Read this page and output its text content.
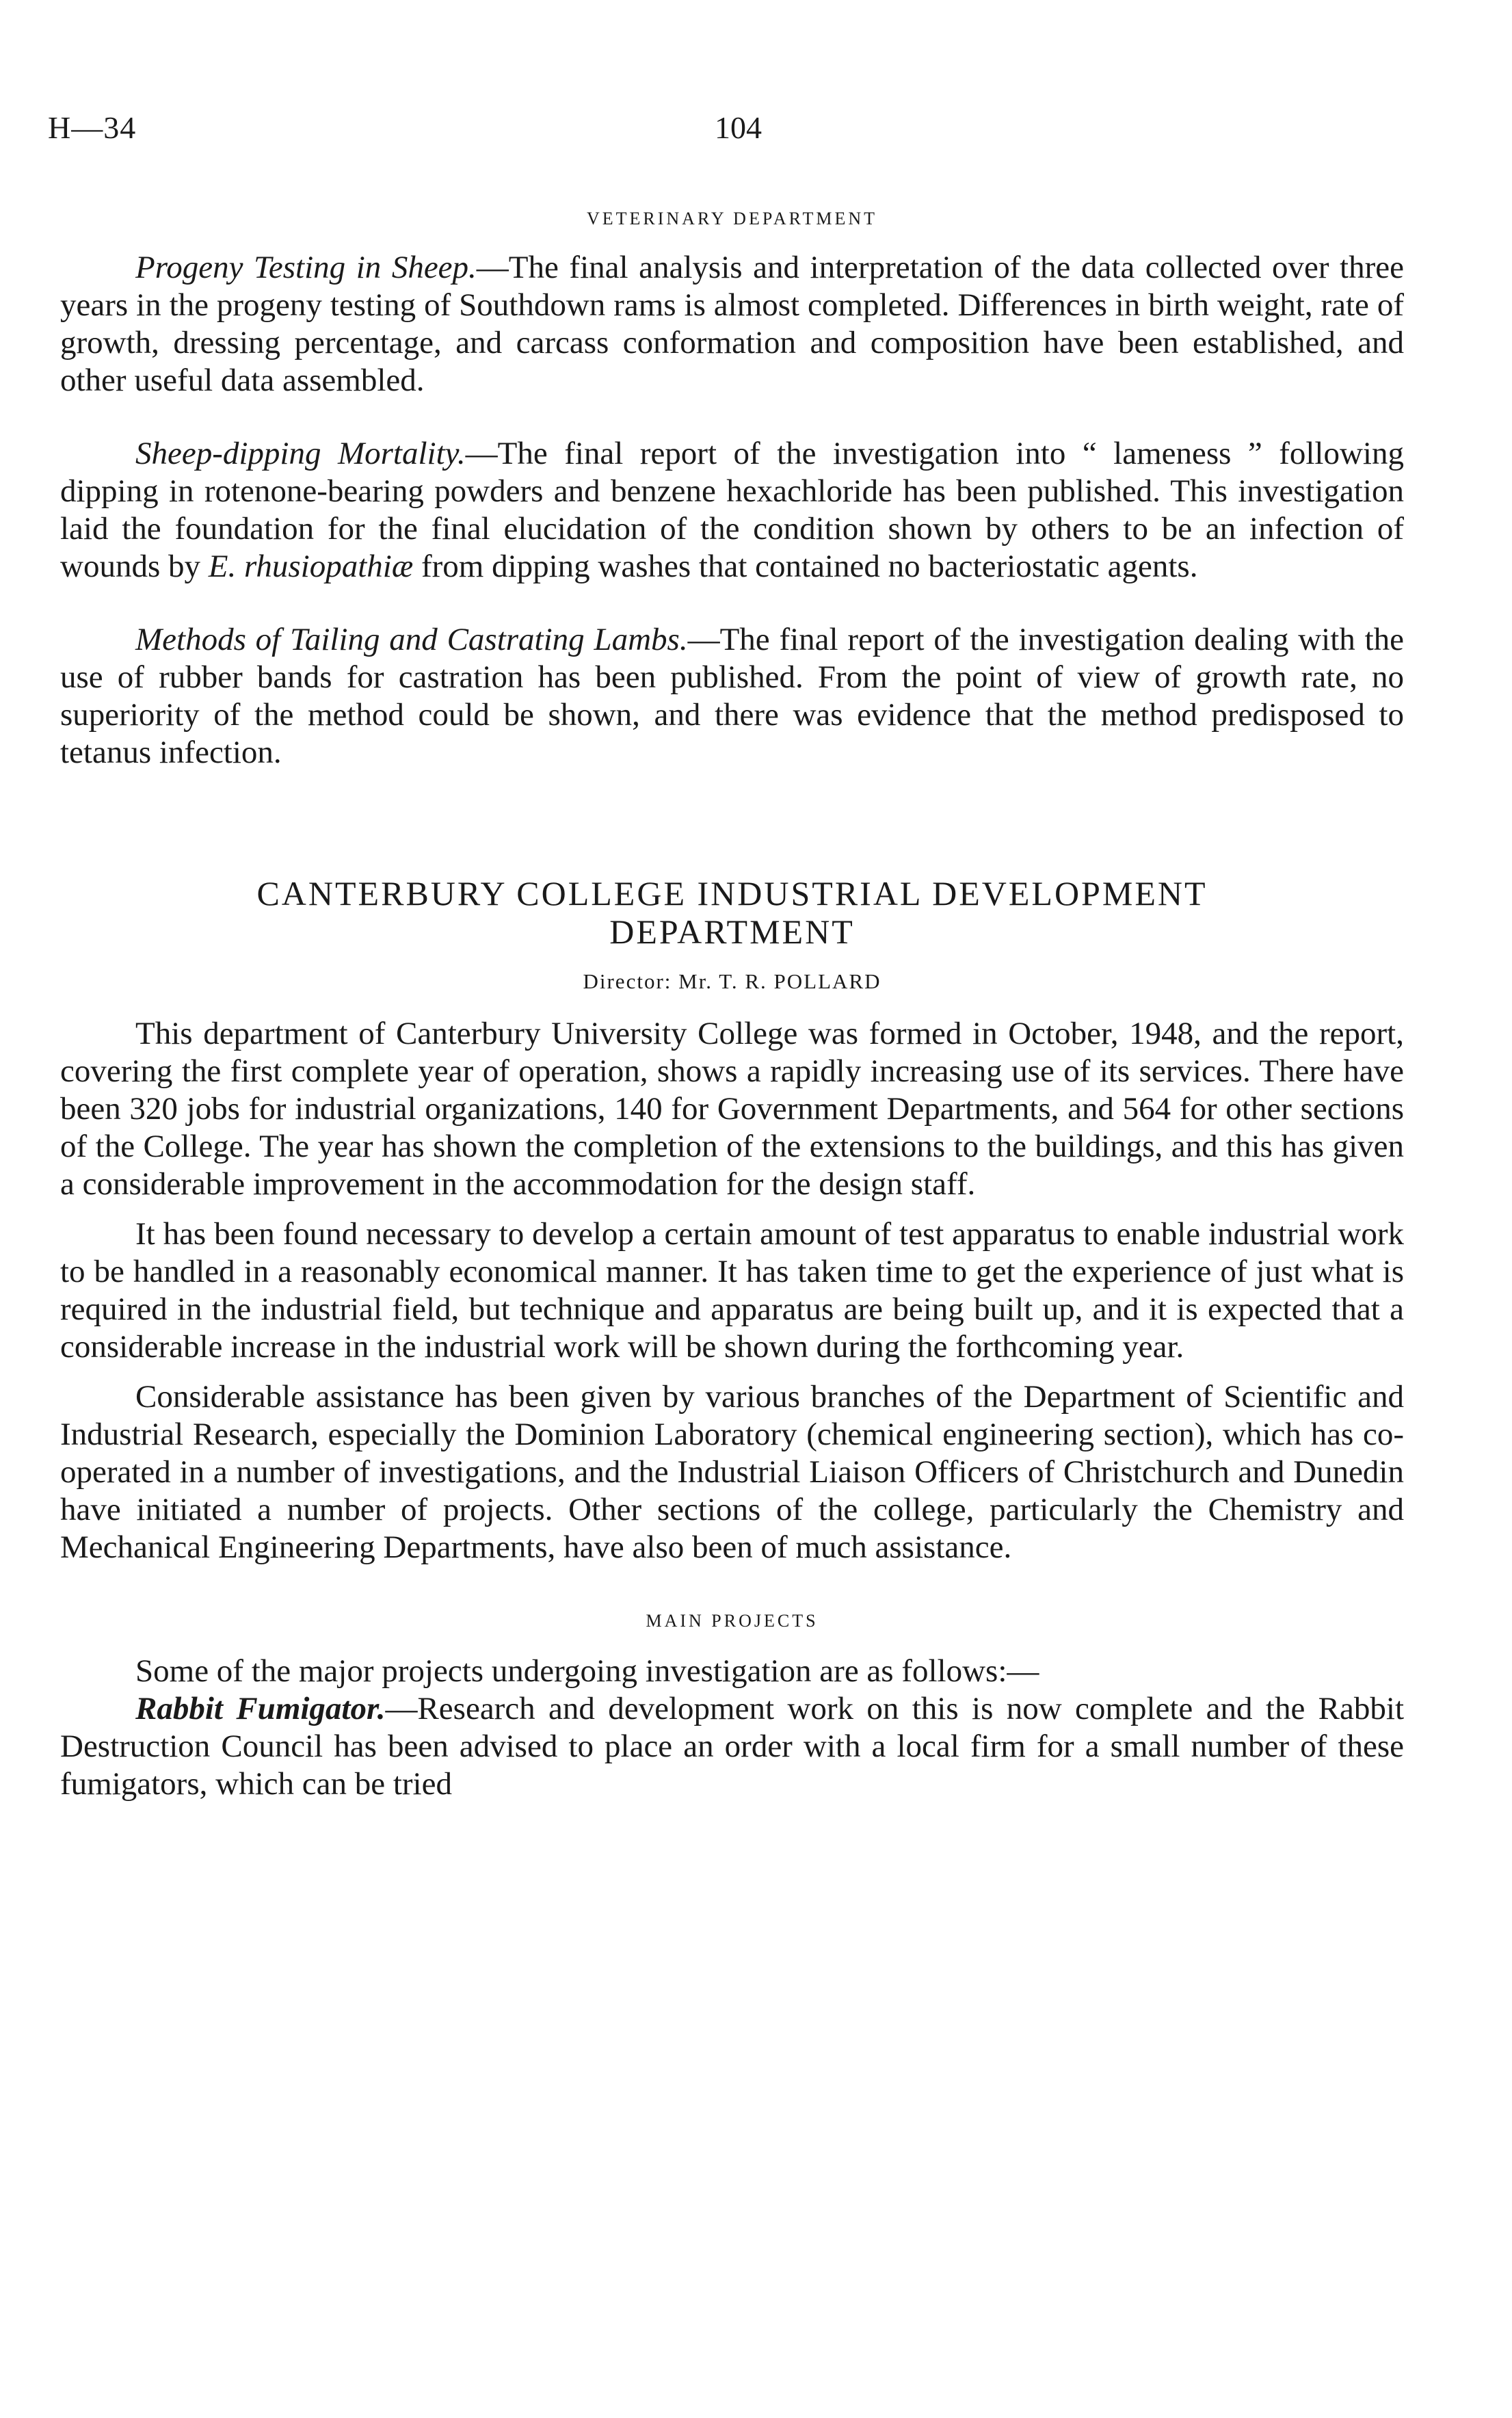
H—34	104
VETERINARY DEPARTMENT

Progeny Testing in Sheep.—The final analysis and interpretation of the data collected over three years in the progeny testing of Southdown rams is almost completed. Differences in birth weight, rate of growth, dressing percentage, and carcass conformation and composition have been established, and other useful data assembled.

Sheep-dipping Mortality.—The final report of the investigation into “ lameness ” following dipping in rotenone-bearing powders and benzene hexachloride has been published. This investigation laid the foundation for the final elucidation of the condition shown by others to be an infection of wounds by E. rhusiopathiæ from dipping washes that contained no bacteriostatic agents.

Methods of Tailing and Castrating Lambs.—The final report of the investigation dealing with the use of rubber bands for castration has been published. From the point of view of growth rate, no superiority of the method could be shown, and there was evidence that the method predisposed to tetanus infection.

CANTERBURY COLLEGE INDUSTRIAL DEVELOPMENT
DEPARTMENT
Director: Mr. T. R. POLLARD

This department of Canterbury University College was formed in October, 1948, and the report, covering the first complete year of operation, shows a rapidly increasing use of its services. There have been 320 jobs for industrial organizations, 140 for Government Departments, and 564 for other sections of the College. The year has shown the completion of the extensions to the buildings, and this has given a considerable improvement in the accommodation for the design staff.

It has been found necessary to develop a certain amount of test apparatus to enable industrial work to be handled in a reasonably economical manner. It has taken time to get the experience of just what is required in the industrial field, but technique and apparatus are being built up, and it is expected that a considerable increase in the industrial work will be shown during the forthcoming year.

Considerable assistance has been given by various branches of the Department of Scientific and Industrial Research, especially the Dominion Laboratory (chemical engineering section), which has co-operated in a number of investigations, and the Industrial Liaison Officers of Christchurch and Dunedin have initiated a number of projects. Other sections of the college, particularly the Chemistry and Mechanical Engineering Departments, have also been of much assistance.

MAIN PROJECTS

Some of the major projects undergoing investigation are as follows:—

Rabbit Fumigator.—Research and development work on this is now complete and the Rabbit Destruction Council has been advised to place an order with a local firm for a small number of these fumigators, which can be tried
